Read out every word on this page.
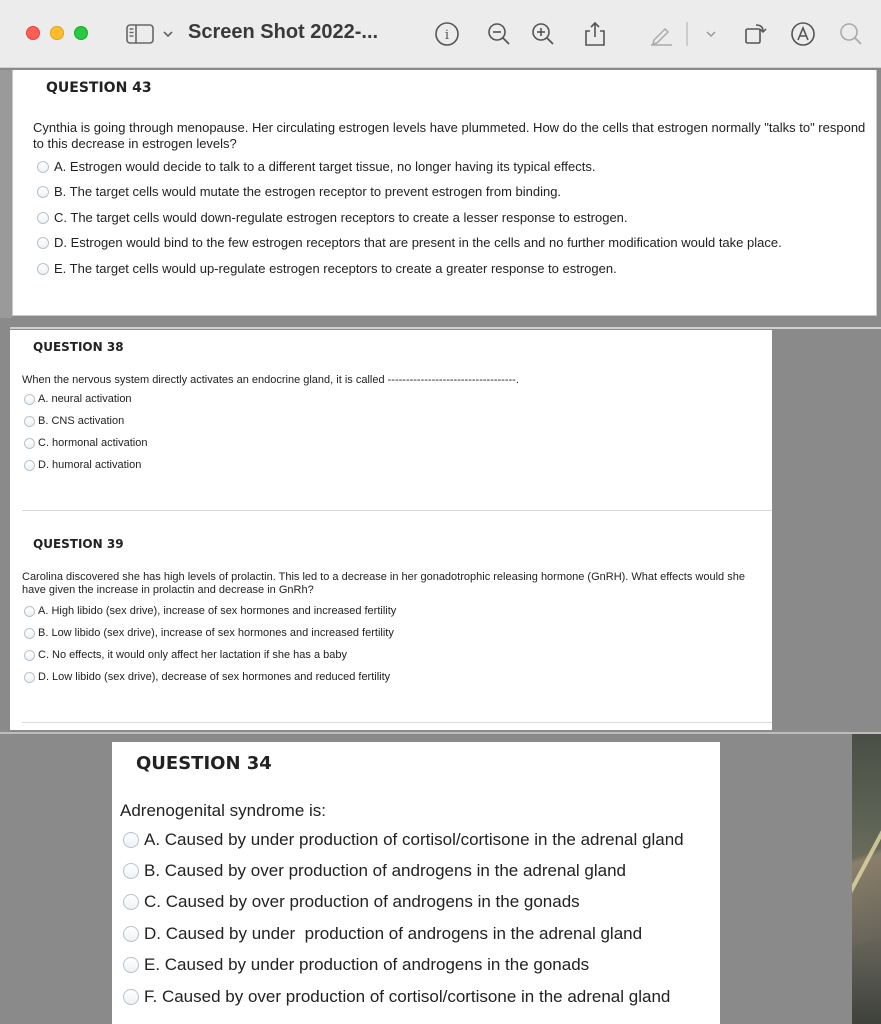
Screen Shot 2022-...	i
QUESTION 43
Cynthia is going through menopause. Her circulating estrogen levels have plummeted. How do the cells that estrogen normally "talks to" respond to this decrease in estrogen levels?
A. Estrogen would decide to talk to a different target tissue, no longer having its typical effects.
B. The target cells would mutate the estrogen receptor to prevent estrogen from binding.
C. The target cells would down-regulate estrogen receptors to create a lesser response to estrogen.
D. Estrogen would bind to the few estrogen receptors that are present in the cells and no further modification would take place.
E. The target cells would up-regulate estrogen receptors to create a greater response to estrogen.
QUESTION 38
When the nervous system directly activates an endocrine gland, it is called -----------------------------------.
A. neural activation
B. CNS activation
C. hormonal activation
D. humoral activation
QUESTION 39
Carolina discovered she has high levels of prolactin. This led to a decrease in her gonadotrophic releasing hormone (GnRH). What effects would she have given the increase in prolactin and decrease in GnRh?
A. High libido (sex drive), increase of sex hormones and increased fertility
B. Low libido (sex drive), increase of sex hormones and increased fertility
C. No effects, it would only affect her lactation if she has a baby
D. Low libido (sex drive), decrease of sex hormones and reduced fertility
QUESTION 34
Adrenogenital syndrome is:
A. Caused by under production of cortisol/cortisone in the adrenal gland
B. Caused by over production of androgens in the adrenal gland
C. Caused by over production of androgens in the gonads
D. Caused by under  production of androgens in the adrenal gland
E. Caused by under production of androgens in the gonads
F. Caused by over production of cortisol/cortisone in the adrenal gland
